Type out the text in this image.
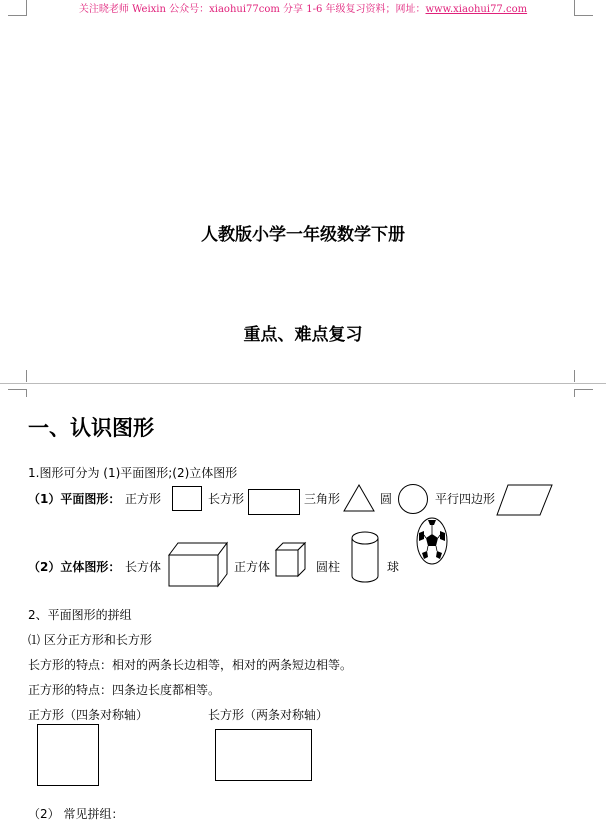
关注晓老师 Weixin 公众号：xiaohui77com 分享 1-6 年级复习资料；网址：www.xiaohui77.com
人教版小学一年级数学下册
重点、难点复习
一、认识图形
1.图形可分为 (1)平面图形;(2)立体图形
（1）平面图形： 正方形	长方形	三角形	圆	平行四边形
（2）立体图形： 长方体	正方体	圆柱	球
2、平面图形的拼组
⑴ 区分正方形和长方形
长方形的特点：相对的两条长边相等，相对的两条短边相等。
正方形的特点：四条边长度都相等。
正方形（四条对称轴）	长方形（两条对称轴）
（2） 常见拼组：
